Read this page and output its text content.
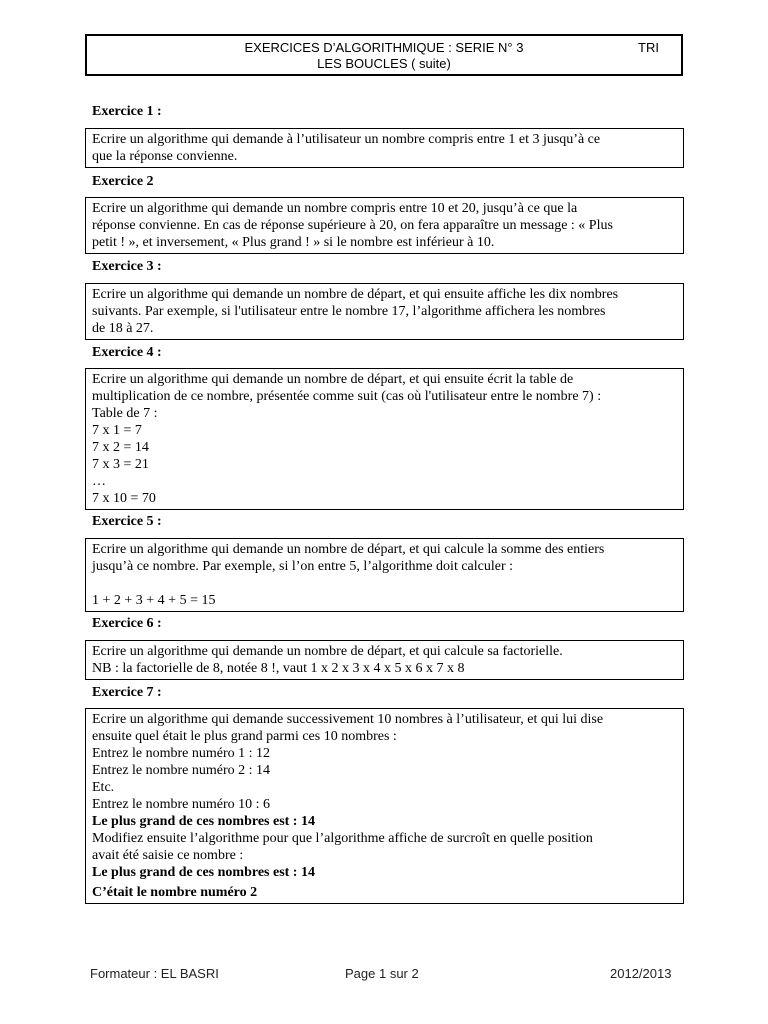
EXERCICES D’ALGORITHMIQUE : SERIE N° 3	TRI
LES BOUCLES ( suite)
Exercice 1 :
Ecrire un algorithme qui demande à l’utilisateur un nombre compris entre 1 et 3 jusqu’à ce
que la réponse convienne.
Exercice 2
Ecrire un algorithme qui demande un nombre compris entre 10 et 20, jusqu’à ce que la
réponse convienne. En cas de réponse supérieure à 20, on fera apparaître un message : « Plus
petit ! », et inversement, « Plus grand ! » si le nombre est inférieur à 10.
Exercice 3 :
Ecrire un algorithme qui demande un nombre de départ, et qui ensuite affiche les dix nombres
suivants. Par exemple, si l'utilisateur entre le nombre 17, l’algorithme affichera les nombres
de 18 à 27.
Exercice 4 :
Ecrire un algorithme qui demande un nombre de départ, et qui ensuite écrit la table de
multiplication de ce nombre, présentée comme suit (cas où l'utilisateur entre le nombre 7) :
Table de 7 :
7 x 1 = 7
7 x 2 = 14
7 x 3 = 21
…
7 x 10 = 70
Exercice 5 :
Ecrire un algorithme qui demande un nombre de départ, et qui calcule la somme des entiers
jusqu’à ce nombre. Par exemple, si l’on entre 5, l’algorithme doit calculer :
1 + 2 + 3 + 4 + 5 = 15
Exercice 6 :
Ecrire un algorithme qui demande un nombre de départ, et qui calcule sa factorielle.
NB : la factorielle de 8, notée 8 !, vaut 1 x 2 x 3 x 4 x 5 x 6 x 7 x 8
Exercice 7 :
Ecrire un algorithme qui demande successivement 10 nombres à l’utilisateur, et qui lui dise
ensuite quel était le plus grand parmi ces 10 nombres :
Entrez le nombre numéro 1 : 12
Entrez le nombre numéro 2 : 14
Etc.
Entrez le nombre numéro 10 : 6
Le plus grand de ces nombres est : 14
Modifiez ensuite l’algorithme pour que l’algorithme affiche de surcroît en quelle position
avait été saisie ce nombre :
Le plus grand de ces nombres est : 14
C’était le nombre numéro 2
Formateur : EL BASRI	Page 1 sur 2	2012/2013
